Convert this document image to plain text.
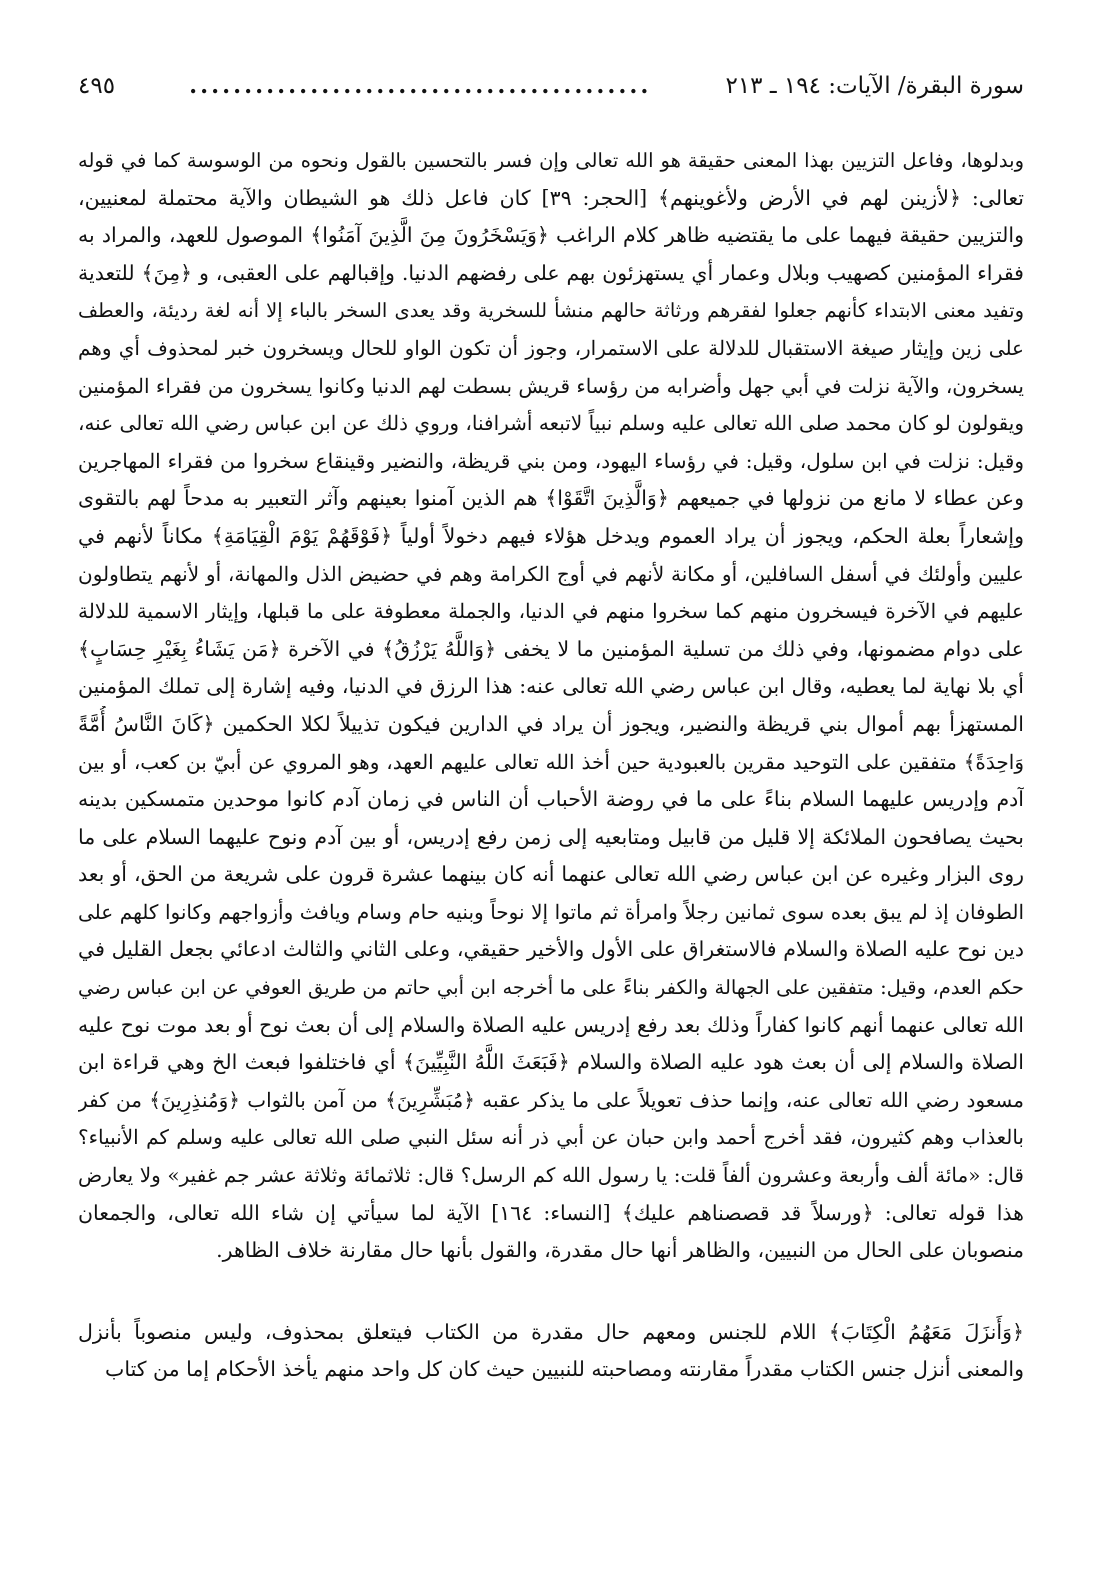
سورة البقرة/ الآيات: ١٩٤ ـ ٢١٣
..........................................
٤٩٥
وبدلوها، وفاعل التزيين بهذا المعنى حقيقة هو الله تعالى وإن فسر بالتحسين بالقول ونحوه من الوسوسة كما في قوله
تعالى: ﴿لأزينن لهم في الأرض ولأغوينهم﴾ [الحجر: ٣٩] كان فاعل ذلك هو الشيطان والآية محتملة لمعنيين،
والتزيين حقيقة فيهما على ما يقتضيه ظاهر كلام الراغب ﴿وَيَسْخَرُونَ مِنَ الَّذِينَ آمَنُوا﴾ الموصول للعهد، والمراد به
فقراء المؤمنين كصهيب وبلال وعمار أي يستهزئون بهم على رفضهم الدنيا. وإقبالهم على العقبى، و ﴿مِنَ﴾ للتعدية
وتفيد معنى الابتداء كأنهم جعلوا لفقرهم ورثاثة حالهم منشأ للسخرية وقد يعدى السخر بالباء إلا أنه لغة رديئة، والعطف
على زين وإيثار صيغة الاستقبال للدلالة على الاستمرار، وجوز أن تكون الواو للحال ويسخرون خبر لمحذوف أي وهم
يسخرون، والآية نزلت في أبي جهل وأضرابه من رؤساء قريش بسطت لهم الدنيا وكانوا يسخرون من فقراء المؤمنين
ويقولون لو كان محمد صلى الله تعالى عليه وسلم نبياً لاتبعه أشرافنا، وروي ذلك عن ابن عباس رضي الله تعالى عنه،
وقيل: نزلت في ابن سلول، وقيل: في رؤساء اليهود، ومن بني قريظة، والنضير وقينقاع سخروا من فقراء المهاجرين
وعن عطاء لا مانع من نزولها في جميعهم ﴿وَالَّذِينَ اتَّقَوْا﴾ هم الذين آمنوا بعينهم وآثر التعبير به مدحاً لهم بالتقوى
وإشعاراً بعلة الحكم، ويجوز أن يراد العموم ويدخل هؤلاء فيهم دخولاً أولياً ﴿فَوْقَهُمْ يَوْمَ الْقِيَامَةِ﴾ مكاناً لأنهم في
عليين وأولئك في أسفل السافلين، أو مكانة لأنهم في أوج الكرامة وهم في حضيض الذل والمهانة، أو لأنهم يتطاولون
عليهم في الآخرة فيسخرون منهم كما سخروا منهم في الدنيا، والجملة معطوفة على ما قبلها، وإيثار الاسمية للدلالة
على دوام مضمونها، وفي ذلك من تسلية المؤمنين ما لا يخفى ﴿وَاللَّهُ يَرْزُقُ﴾ في الآخرة ﴿مَن يَشَاءُ بِغَيْرِ حِسَابٍ﴾
أي بلا نهاية لما يعطيه، وقال ابن عباس رضي الله تعالى عنه: هذا الرزق في الدنيا، وفيه إشارة إلى تملك المؤمنين
المستهزأ بهم أموال بني قريظة والنضير، ويجوز أن يراد في الدارين فيكون تذييلاً لكلا الحكمين ﴿كَانَ النَّاسُ أُمَّةً
وَاحِدَةً﴾ متفقين على التوحيد مقرين بالعبودية حين أخذ الله تعالى عليهم العهد، وهو المروي عن أبيّ بن كعب، أو بين
آدم وإدريس عليهما السلام بناءً على ما في روضة الأحباب أن الناس في زمان آدم كانوا موحدين متمسكين بدينه
بحيث يصافحون الملائكة إلا قليل من قابيل ومتابعيه إلى زمن رفع إدريس، أو بين آدم ونوح عليهما السلام على ما
روى البزار وغيره عن ابن عباس رضي الله تعالى عنهما أنه كان بينهما عشرة قرون على شريعة من الحق، أو بعد
الطوفان إذ لم يبق بعده سوى ثمانين رجلاً وامرأة ثم ماتوا إلا نوحاً وبنيه حام وسام ويافث وأزواجهم وكانوا كلهم على
دين نوح عليه الصلاة والسلام فالاستغراق على الأول والأخير حقيقي، وعلى الثاني والثالث ادعائي بجعل القليل في
حكم العدم، وقيل: متفقين على الجهالة والكفر بناءً على ما أخرجه ابن أبي حاتم من طريق العوفي عن ابن عباس رضي
الله تعالى عنهما أنهم كانوا كفاراً وذلك بعد رفع إدريس عليه الصلاة والسلام إلى أن بعث نوح أو بعد موت نوح عليه
الصلاة والسلام إلى أن بعث هود عليه الصلاة والسلام ﴿فَبَعَثَ اللَّهُ النَّبِيِّينَ﴾ أي فاختلفوا فبعث الخ وهي قراءة ابن
مسعود رضي الله تعالى عنه، وإنما حذف تعويلاً على ما يذكر عقبه ﴿مُبَشِّرِينَ﴾ من آمن بالثواب ﴿وَمُنذِرِينَ﴾ من كفر
بالعذاب وهم كثيرون، فقد أخرج أحمد وابن حبان عن أبي ذر أنه سئل النبي صلى الله تعالى عليه وسلم كم الأنبياء؟
قال: «مائة ألف وأربعة وعشرون ألفاً قلت: يا رسول الله كم الرسل؟ قال: ثلاثمائة وثلاثة عشر جم غفير» ولا يعارض
هذا قوله تعالى: ﴿ورسلاً قد قصصناهم عليك﴾ [النساء: ١٦٤] الآية لما سيأتي إن شاء الله تعالى، والجمعان
منصوبان على الحال من النبيين، والظاهر أنها حال مقدرة، والقول بأنها حال مقارنة خلاف الظاهر.
﴿وَأَنزَلَ مَعَهُمُ الْكِتَابَ﴾ اللام للجنس ومعهم حال مقدرة من الكتاب فيتعلق بمحذوف، وليس منصوباً بأنزل
والمعنى أنزل جنس الكتاب مقدراً مقارنته ومصاحبته للنبيين حيث كان كل واحد منهم يأخذ الأحكام إما من كتاب
